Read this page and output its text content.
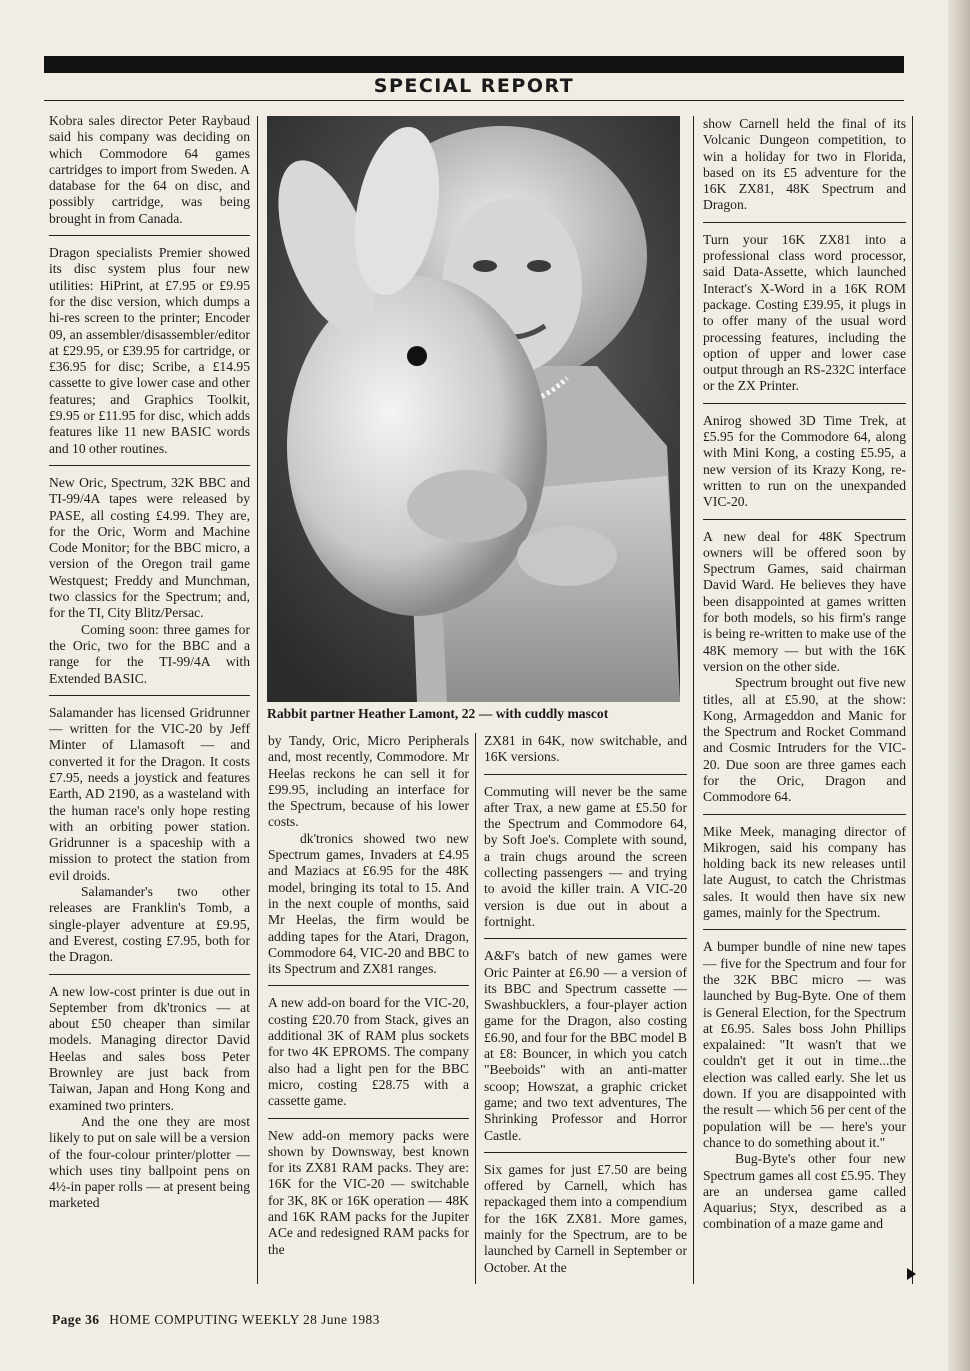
SPECIAL REPORT

Kobra sales director Peter Raybaud said his company was deciding on which Commodore 64 games cartridges to import from Sweden. A database for the 64 on disc, and possibly cartridge, was being brought in from Canada.

Dragon specialists Premier showed its disc system plus four new utilities: HiPrint, at £7.95 or £9.95 for the disc version, which dumps a hi-res screen to the printer; Encoder 09, an assembler/disassembler/editor at £29.95, or £39.95 for cartridge, or £36.95 for disc; Scribe, a £14.95 cassette to give lower case and other features; and Graphics Toolkit, £9.95 or £11.95 for disc, which adds features like 11 new BASIC words and 10 other routines.

New Oric, Spectrum, 32K BBC and TI-99/4A tapes were released by PASE, all costing £4.99. They are, for the Oric, Worm and Machine Code Monitor; for the BBC micro, a version of the Oregon trail game Westquest; Freddy and Munchman, two classics for the Spectrum; and, for the TI, City Blitz/Persac.

Coming soon: three games for the Oric, two for the BBC and a range for the TI-99/4A with Extended BASIC.

Salamander has licensed Gridrunner — written for the VIC-20 by Jeff Minter of Llamasoft — and converted it for the Dragon. It costs £7.95, needs a joystick and features Earth, AD 2190, as a wasteland with the human race's only hope resting with an orbiting power station. Gridrunner is a spaceship with a mission to protect the station from evil droids.

Salamander's two other releases are Franklin's Tomb, a single-player adventure at £9.95, and Everest, costing £7.95, both for the Dragon.

A new low-cost printer is due out in September from dk'tronics — at about £50 cheaper than similar models. Managing director David Heelas and sales boss Peter Brownley are just back from Taiwan, Japan and Hong Kong and examined two printers.

And the one they are most likely to put on sale will be a version of the four-colour printer/plotter — which uses tiny ballpoint pens on 4½-in paper rolls — at present being marketed

Rabbit partner Heather Lamont, 22 — with cuddly mascot

by Tandy, Oric, Micro Peripherals and, most recently, Commodore. Mr Heelas reckons he can sell it for £99.95, including an interface for the Spectrum, because of his lower costs.

dk'tronics showed two new Spectrum games, Invaders at £4.95 and Maziacs at £6.95 for the 48K model, bringing its total to 15. And in the next couple of months, said Mr Heelas, the firm would be adding tapes for the Atari, Dragon, Commodore 64, VIC-20 and BBC to its Spectrum and ZX81 ranges.

A new add-on board for the VIC-20, costing £20.70 from Stack, gives an additional 3K of RAM plus sockets for two 4K EPROMS. The company also had a light pen for the BBC micro, costing £28.75 with a cassette game.

New add-on memory packs were shown by Downsway, best known for its ZX81 RAM packs. They are: 16K for the VIC-20 — switchable for 3K, 8K or 16K operation — 48K and 16K RAM packs for the Jupiter ACe and redesigned RAM packs for the

ZX81 in 64K, now switchable, and 16K versions.

Commuting will never be the same after Trax, a new game at £5.50 for the Spectrum and Commodore 64, by Soft Joe's. Complete with sound, a train chugs around the screen collecting passengers — and trying to avoid the killer train. A VIC-20 version is due out in about a fortnight.

A&F's batch of new games were Oric Painter at £6.90 — a version of its BBC and Spectrum cassette — Swashbucklers, a four-player action game for the Dragon, also costing £6.90, and four for the BBC model B at £8: Bouncer, in which you catch "Beeboids" with an anti-matter scoop; Howszat, a graphic cricket game; and two text adventures, The Shrinking Professor and Horror Castle.

Six games for just £7.50 are being offered by Carnell, which has repackaged them into a compendium for the 16K ZX81. More games, mainly for the Spectrum, are to be launched by Carnell in September or October. At the

show Carnell held the final of its Volcanic Dungeon competition, to win a holiday for two in Florida, based on its £5 adventure for the 16K ZX81, 48K Spectrum and Dragon.

Turn your 16K ZX81 into a professional class word processor, said Data-Assette, which launched Interact's X-Word in a 16K ROM package. Costing £39.95, it plugs in to offer many of the usual word processing features, including the option of upper and lower case output through an RS-232C interface or the ZX Printer.

Anirog showed 3D Time Trek, at £5.95 for the Commodore 64, along with Mini Kong, a costing £5.95, a new version of its Krazy Kong, re-written to run on the unexpanded VIC-20.

A new deal for 48K Spectrum owners will be offered soon by Spectrum Games, said chairman David Ward. He believes they have been disappointed at games written for both models, so his firm's range is being re-written to make use of the 48K memory — but with the 16K version on the other side.

Spectrum brought out five new titles, all at £5.90, at the show: Kong, Armageddon and Manic for the Spectrum and Rocket Command and Cosmic Intruders for the VIC-20. Due soon are three games each for the Oric, Dragon and Commodore 64.

Mike Meek, managing director of Mikrogen, said his company has holding back its new releases until late August, to catch the Christmas sales. It would then have six new games, mainly for the Spectrum.

A bumper bundle of nine new tapes — five for the Spectrum and four for the 32K BBC micro — was launched by Bug-Byte. One of them is General Election, for the Spectrum at £6.95. Sales boss John Phillips expalained: "It wasn't that we couldn't get it out in time...the election was called early. She let us down. If you are disappointed with the result — which 56 per cent of the population will be — here's your chance to do something about it."

Bug-Byte's other four new Spectrum games all cost £5.95. They are an undersea game called Aquarius; Styx, described as a combination of a maze game and

Page 36 HOME COMPUTING WEEKLY 28 June 1983
